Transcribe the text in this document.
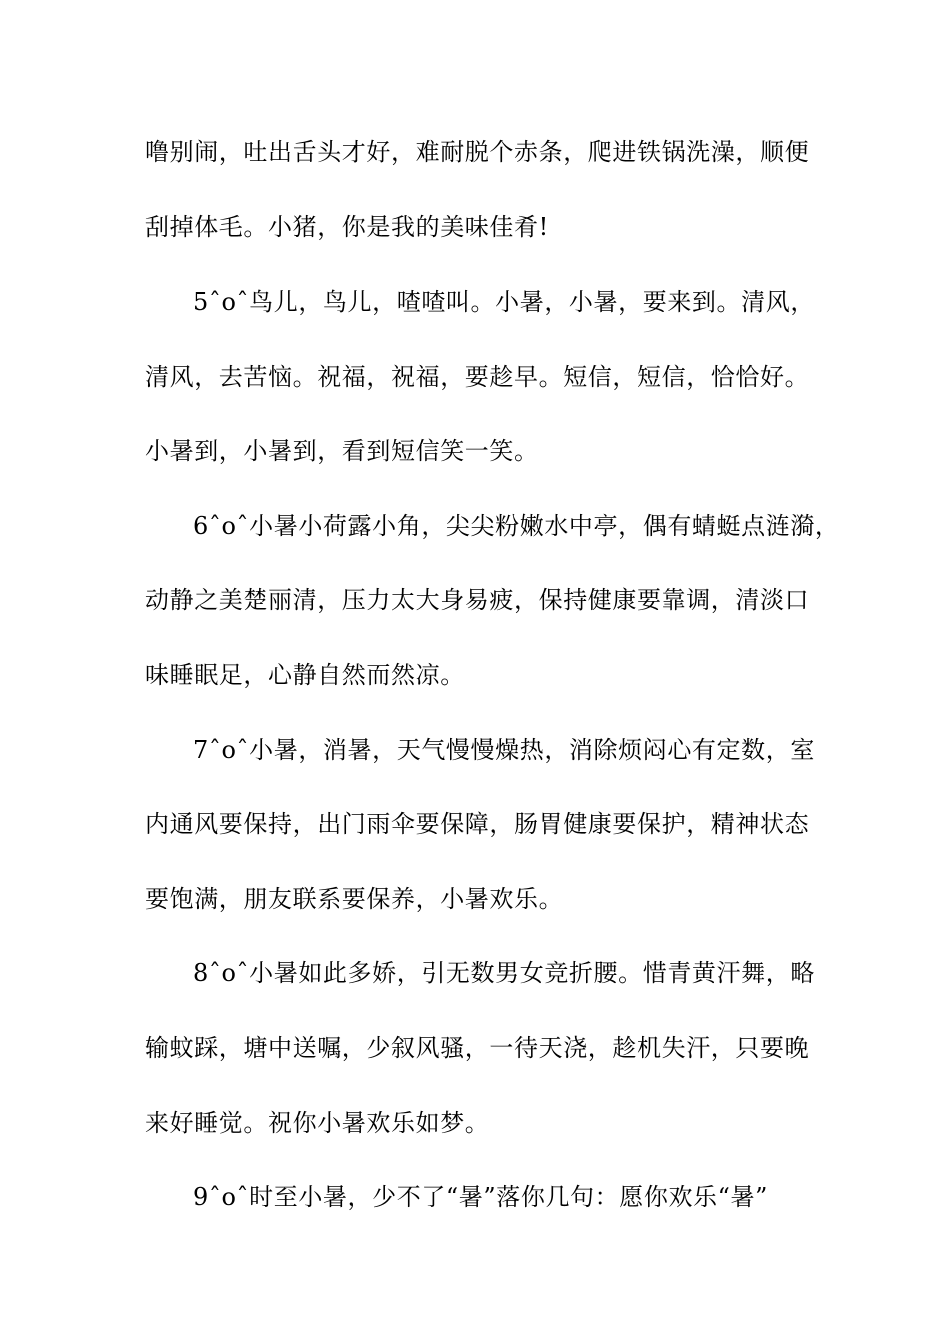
噜别闹，吐出舌头才好，难耐脱个赤条，爬进铁锅洗澡，顺便
刮掉体毛。小猪，你是我的美味佳肴!
5ˆoˆ鸟儿，鸟儿，喳喳叫。小暑，小暑，要来到。清风，
清风，去苦恼。祝福，祝福，要趁早。短信，短信，恰恰好。
小暑到，小暑到，看到短信笑一笑。
6ˆoˆ小暑小荷露小角，尖尖粉嫩水中亭，偶有蜻蜓点涟漪，
动静之美楚丽清，压力太大身易疲，保持健康要靠调，清淡口
味睡眠足，心静自然而然凉。
7ˆoˆ小暑，消暑，天气慢慢燥热，消除烦闷心有定数，室
内通风要保持，出门雨伞要保障，肠胃健康要保护，精神状态
要饱满，朋友联系要保养，小暑欢乐。
8ˆoˆ小暑如此多娇，引无数男女竞折腰。惜青黄汗舞，略
输蚊踩，塘中送嘱，少叙风骚，一待天浇，趁机失汗，只要晚
来好睡觉。祝你小暑欢乐如梦。
9ˆoˆ时至小暑，少不了“暑”落你几句：愿你欢乐“暑”
